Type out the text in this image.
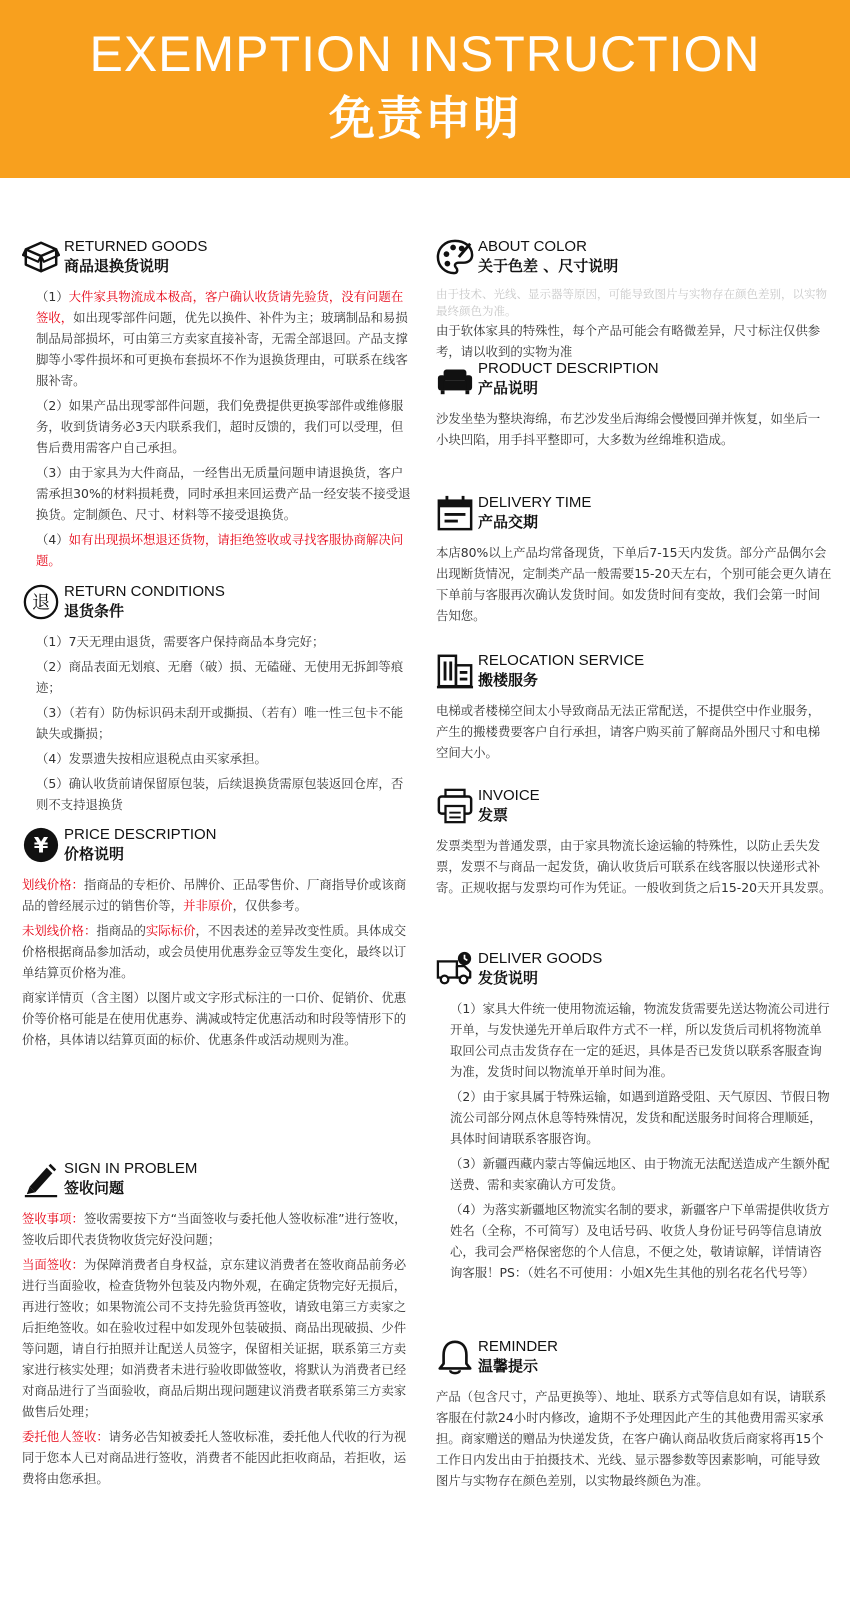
EXEMPTION INSTRUCTION
免责申明
RETURNED GOODS
商品退换货说明
（1）大件家具物流成本极高，客户确认收货请先验货，没有问题在签收，如出现零部件问题，优先以换件、补件为主；玻璃制品和易损制品局部损坏，可由第三方卖家直接补寄，无需全部退回。产品支撑脚等小零件损坏和可更换布套损坏不作为退换货理由，可联系在线客服补寄。
（2）如果产品出现零部件问题，我们免费提供更换零部件或维修服务，收到货请务必3天内联系我们，超时反馈的，我们可以受理，但售后费用需客户自己承担。
（3）由于家具为大件商品，一经售出无质量问题申请退换货，客户需承担30%的材料损耗费，同时承担来回运费产品一经安装不接受退换货。定制颜色、尺寸、材料等不接受退换货。
（4）如有出现损坏想退还货物，请拒绝签收或寻找客服协商解决问题。
退
RETURN CONDITIONS
退货条件
（1）7天无理由退货，需要客户保持商品本身完好；
（2）商品表面无划痕、无磨（破）损、无磕碰、无使用无拆卸等痕迹；
（3）（若有）防伪标识码未刮开或撕损、（若有）唯一性三包卡不能缺失或撕损；
（4）发票遗失按相应退税点由买家承担。
（5）确认收货前请保留原包装，后续退换货需原包装返回仓库，否则不支持退换货
¥ PRICE DESCRIPTION
价格说明
划线价格：指商品的专柜价、吊牌价、正品零售价、厂商指导价或该商品的曾经展示过的销售价等，并非原价，仅供参考。
未划线价格：指商品的实际标价，不因表述的差异改变性质。具体成交价格根据商品参加活动，或会员使用优惠券金豆等发生变化，最终以订单结算页价格为准。
商家详情页（含主图）以图片或文字形式标注的一口价、促销价、优惠价等价格可能是在使用优惠券、满减或特定优惠活动和时段等情形下的价格，具体请以结算页面的标价、优惠条件或活动规则为准。
SIGN IN PROBLEM
签收问题
签收事项：签收需要按下方“当面签收与委托他人签收标准”进行签收，签收后即代表货物收货完好没问题；
当面签收：为保障消费者自身权益，京东建议消费者在签收商品前务必进行当面验收，检查货物外包装及内物外观，在确定货物完好无损后，再进行签收；如果物流公司不支持先验货再签收，请致电第三方卖家之后拒绝签收。如在验收过程中如发现外包装破损、商品出现破损、少件等问题，请自行拍照并让配送人员签字，保留相关证据，联系第三方卖家进行核实处理；如消费者未进行验收即做签收，将默认为消费者已经对商品进行了当面验收，商品后期出现问题建议消费者联系第三方卖家做售后处理；
委托他人签收：请务必告知被委托人签收标准，委托他人代收的行为视同于您本人已对商品进行签收，消费者不能因此拒收商品，若拒收，运费将由您承担。
ABOUT COLOR
关于色差 、尺寸说明
由于技术、光线、显示器等原因，可能导致图片与实物存在颜色差别，以实物最终颜色为准。
由于软体家具的特殊性，每个产品可能会有略微差异，尺寸标注仅供参考，请以收到的实物为准
PRODUCT DESCRIPTION
产品说明
沙发坐垫为整块海绵，布艺沙发坐后海绵会慢慢回弹并恢复，如坐后一小块凹陷，用手抖平整即可，大多数为丝绵堆积造成。
DELIVERY TIME
产品交期
本店80%以上产品均常备现货，下单后7-15天内发货。部分产品偶尔会出现断货情况，定制类产品一般需要15-20天左右，个别可能会更久请在下单前与客服再次确认发货时间。如发货时间有变故，我们会第一时间告知您。
RELOCATION SERVICE
搬楼服务
电梯或者楼梯空间太小导致商品无法正常配送，不提供空中作业服务，产生的搬楼费要客户自行承担，请客户购买前了解商品外围尺寸和电梯空间大小。
INVOICE
发票
发票类型为普通发票，由于家具物流长途运输的特殊性，以防止丢失发票，发票不与商品一起发货，确认收货后可联系在线客服以快递形式补寄。正规收据与发票均可作为凭证。一般收到货之后15-20天开具发票。
DELIVER GOODS
发货说明
（1）家具大件统一使用物流运输，物流发货需要先送达物流公司进行开单，与发快递先开单后取件方式不一样，所以发货后司机将物流单取回公司点击发货存在一定的延迟，具体是否已发货以联系客服查询为准，发货时间以物流单开单时间为准。
（2）由于家具属于特殊运输，如遇到道路受阻、天气原因、节假日物流公司部分网点休息等特殊情况，发货和配送服务时间将合理顺延，具体时间请联系客服咨询。
（3）新疆西藏内蒙古等偏远地区、由于物流无法配送造成产生额外配送费、需和卖家确认方可发货。
（4）为落实新疆地区物流实名制的要求，新疆客户下单需提供收货方姓名（全称，不可简写）及电话号码、收货人身份证号码等信息请放心，我司会严格保密您的个人信息，不便之处，敬请谅解，详情请咨询客服！PS：（姓名不可使用：小姐X先生其他的别名花名代号等）
REMINDER
温馨提示
产品（包含尺寸，产品更换等）、地址、联系方式等信息如有误，请联系客服在付款24小时内修改，逾期不予处理因此产生的其他费用需买家承担。商家赠送的赠品为快递发货，在客户确认商品收货后商家将再15个工作日内发出由于拍摄技术、光线、显示器参数等因素影响，可能导致图片与实物存在颜色差别，以实物最终颜色为准。
